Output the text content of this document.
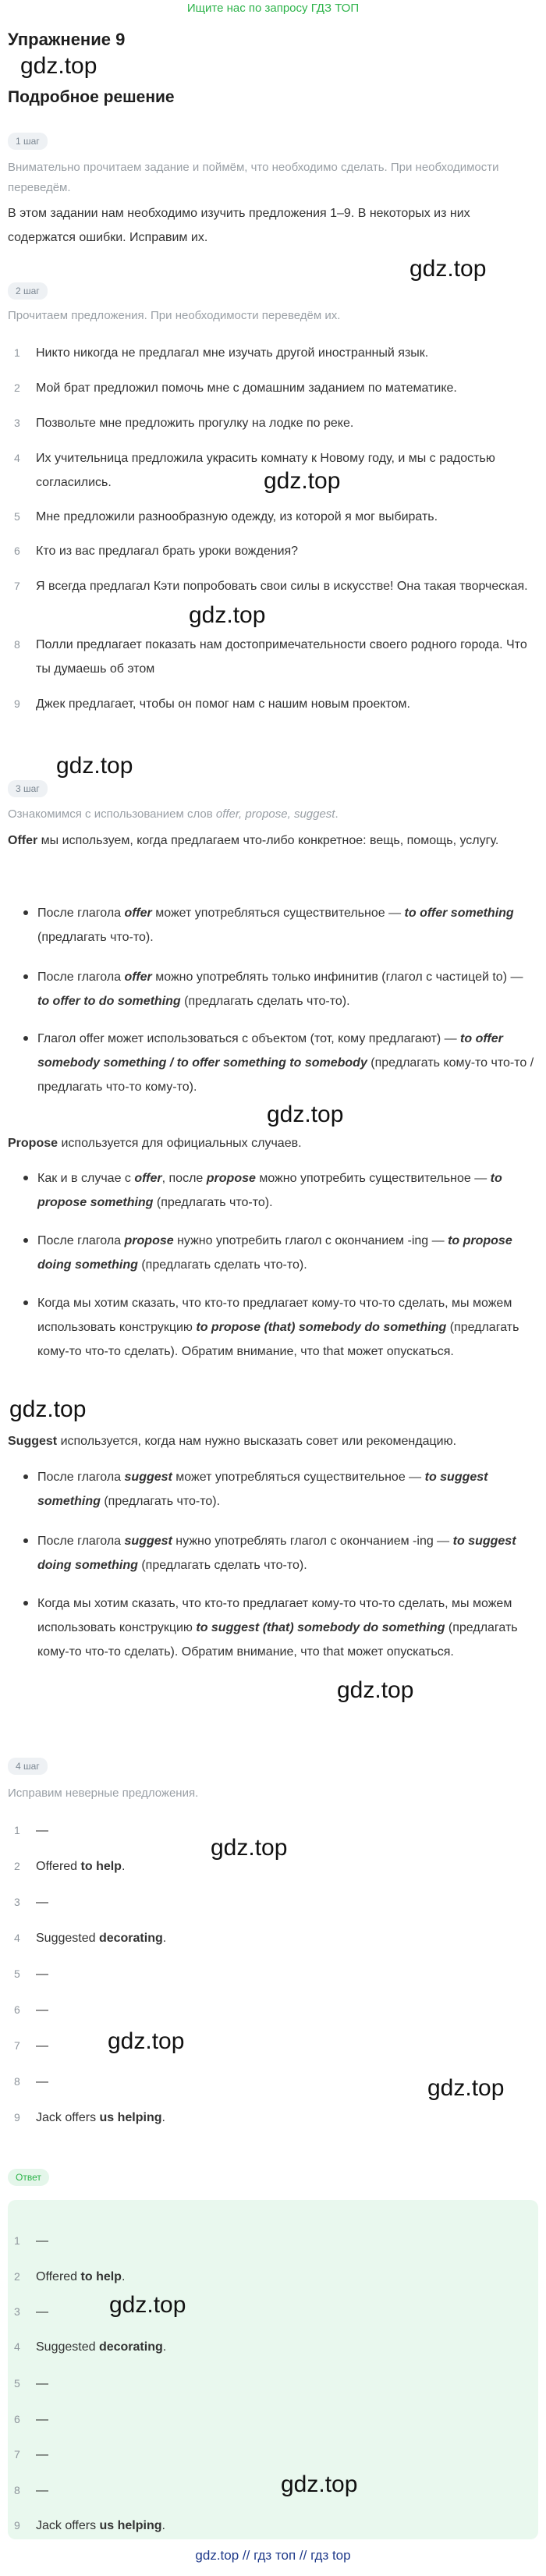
Ищите нас по запросу ГДЗ ТОП
Упражнение 9
gdz.top
Подробное решение
1 шаг
Внимательно прочитаем задание и поймём, что необходимо сделать. При необходимости переведём.
В этом задании нам необходимо изучить предложения 1–9. В некоторых из них содержатся ошибки. Исправим их.
gdz.top
2 шаг
Прочитаем предложения. При необходимости переведём их.
1 Никто никогда не предлагал мне изучать другой иностранный язык.
2 Мой брат предложил помочь мне с домашним заданием по математике.
3 Позвольте мне предложить прогулку на лодке по реке.
4 Их учительница предложила украсить комнату к Новому году, и мы с радостью согласились.
5 Мне предложили разнообразную одежду, из которой я мог выбирать.
6 Кто из вас предлагал брать уроки вождения?
7 Я всегда предлагал Кэти попробовать свои силы в искусстве! Она такая творческая.
8 Полли предлагает показать нам достопримечательности своего родного города. Что ты думаешь об этом
9 Джек предлагает, чтобы он помог нам с нашим новым проектом.
gdz.top
gdz.top
gdz.top
3 шаг
Ознакомимся с использованием слов offer, propose, suggest.
Offer мы используем, когда предлагаем что-либо конкретное: вещь, помощь, услугу.
После глагола offer может употребляться существительное — to offer something (предлагать что-то).
После глагола offer можно употреблять только инфинитив (глагол с частицей to) — to offer to do something (предлагать сделать что-то).
Глагол offer может использоваться с объектом (тот, кому предлагают) — to offer somebody something / to offer something to somebody (предлагать кому-то что-то / предлагать что-то кому-то).
gdz.top
Propose используется для официальных случаев.
Как и в случае с offer, после propose можно употребить существительное — to propose something (предлагать что-то).
После глагола propose нужно употребить глагол с окончанием -ing — to propose doing something (предлагать сделать что-то).
Когда мы хотим сказать, что кто-то предлагает кому-то что-то сделать, мы можем использовать конструкцию to propose (that) somebody do something (предлагать кому-то что-то сделать). Обратим внимание, что that может опускаться.
gdz.top
Suggest используется, когда нам нужно высказать совет или рекомендацию.
После глагола suggest может употребляться существительное — to suggest something (предлагать что-то).
После глагола suggest нужно употреблять глагол с окончанием -ing — to suggest doing something (предлагать сделать что-то).
Когда мы хотим сказать, что кто-то предлагает кому-то что-то сделать, мы можем использовать конструкцию to suggest (that) somebody do something (предлагать кому-то что-то сделать). Обратим внимание, что that может опускаться.
gdz.top
4 шаг
Исправим неверные предложения.
1 —
2 Offered to help.
3 —
4 Suggested decorating.
5 —
6 —
7 —
8 —
9 Jack offers us helping.
gdz.top
gdz.top
gdz.top
Ответ
1 —
2 Offered to help.
3 —
4 Suggested decorating.
5 —
6 —
7 —
8 —
9 Jack offers us helping.
gdz.top
gdz.top
gdz.top // гдз топ // гдз top
